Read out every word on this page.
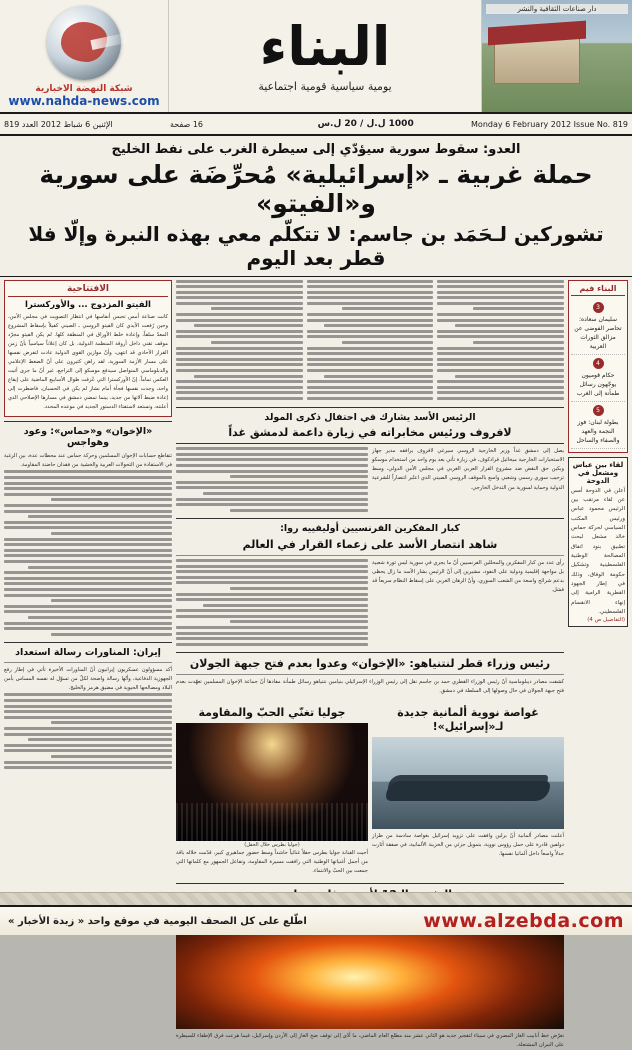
دار صناعات الثقافية والنشر
البناء
يومية سياسية قومية اجتماعية
شبكة النهضة الاخبارية
www.nahda-news.com
Monday 6 February 2012 Issue No. 819
1000 ل.ل / 20 ل.س
16 صفحة
الإثنين 6 شباط 2012 العدد 819
العدو: سقوط سورية سيؤدّي إلى سيطرة الغرب على نفط الخليج
حملة غربية ـ «إسرائيلية» مُحرِّضَة على سورية و«الفيتو»
تشوركين لـحَمَد بن جاسم: لا تتكلّم معي بهذه النبرة وإلّا فلا قطر بعد اليوم
البناء فيم
3
سليمان سعاده: تحاصر الفوضى عن مزالق الثورات العربية
4
حكام قوميون يوجّهون رسائل طمأنة إلى الغرب
5
بطولة لبنان: فوز النجمة والعهد والصفاء والساحل
لقاء بين عباس ومشعل في الدوحة
أعلن في الدوحة أمس عن لقاء مرتقب بين الرئيس محمود عباس ورئيس المكتب السياسي لحركة حماس خالد مشعل لبحث تطبيق بنود اتفاق المصالحة الوطنية الفلسطينية وتشكيل حكومة الوفاق، وذلك في إطار الجهود القطرية الرامية إلى إنهاء الانقسام الفلسطيني.
(التفاصيل ص 4)
الرئيس الأسد يشارك في احتفال ذكرى المولد
لافروف ورئيس مخابراته في زيارة داعمة لدمشق غداً
يصل إلى دمشق غداً وزير الخارجية الروسي سيرغي لافروف يرافقه مدير جهاز الاستخبارات الخارجية ميخائيل فرادكوف، في زيارة تأتي بعد يوم واحد من استخدام موسكو وبكين حق النقض ضد مشروع القرار العربي الغربي في مجلس الأمن الدولي، وسط ترحيب سوري رسمي وشعبي واسع بالموقف الروسي الصيني الذي اعتُبر انتصاراً للشرعية الدولية وحماية لسورية من التدخل الخارجي.
كبار المفكرين الفرنسيين أوليفييه روا:
شاهد انتصار الأسد على زعماء القرار في العالم
رأى عدد من كبار المفكرين والمحللين الفرنسيين أنّ ما يجري في سورية ليس ثورة شعبية بل مواجهة إقليمية ودولية على النفوذ، مشيرين إلى أنّ الرئيس بشار الأسد ما زال يحظى بدعم شرائح واسعة من الشعب السوري، وأنّ الرهان الغربي على إسقاط النظام سريعاً قد فشل.
رئيس وزراء قطر لنتنياهو: «الإخوان» وعدوا بعدم فتح جبهة الجولان
كشفت مصادر ديبلوماسية أنّ رئيس الوزراء القطري حمد بن جاسم نقل إلى رئيس الوزراء الإسرائيلي بنيامين نتنياهو رسائل طمأنة مفادها أنّ جماعة الإخوان المسلمين تعهّدت بعدم فتح جبهة الجولان في حال وصولها إلى السلطة في دمشق.
غواصة نووية ألمانية جديدة لـ«إسرائيل»!
أعلنت مصادر ألمانية أنّ برلين وافقت على تزويد إسرائيل بغواصة سادسة من طراز دولفين قادرة على حمل رؤوس نووية، بتمويل جزئي من الخزينة الألمانية، في صفقة أثارت جدلاً واسعاً داخل ألمانيا نفسها.
جوليا تغنّي الحبّ والمقاومة
(جوليا بطرس خلال الحفل)
أحيت الفنانة جوليا بطرس حفلاً غنائياً حاشداً وسط حضور جماهيري كبير، قدّمت خلاله باقة من أجمل أغنياتها الوطنية التي رافقت مسيرة المقاومة، وتفاعل الجمهور مع كلماتها التي جمعت بين الحبّ والانتماء.
تعرّض خط أنابيب الغاز المصري في سيناء لتفجير جديد هو الثاني عشر منذ مطلع العام الماضي، ما أدّى إلى توقف ضخ الغاز إلى الأردن وإسرائيل، فيما هرعت فرق الإطفاء للسيطرة على النيران المشتعلة.
الافتتاحية
الفيتو المزدوج ... والأوركسترا
كانت صناعة أمس تحبس أنفاسها في انتظار التصويت في مجلس الأمن، وحين رُفعت الأيدي كان الفيتو الروسي ـ الصيني كفيلاً بإسقاط المشروع المعدّ سلفاً، وإعادة خلط الأوراق في المنطقة كلها. لم يكن الفيتو مجرّد موقف تقني داخل أروقة المنظمة الدولية، بل كان إعلاناً سياسياً بأنّ زمن القرار الأحادي قد انتهى، وأنّ موازين القوى الدولية عادت لتفرض نفسها على مسار الأزمة السورية. لقد راهن كثيرون على أنّ الضغط الإعلامي والدبلوماسي المتواصل سيدفع موسكو إلى التراجع، غير أنّ ما جرى أثبت العكس تماماً. إنّ الأوركسترا التي عُزفت طوال الأسابيع الماضية على إيقاع واحد، وجدت نفسها فجأة أمام نشاز لم يكن في الحسبان، فاضطرت إلى إعادة ضبط آلاتها من جديد، بينما تمضي دمشق في مسارها الإصلاحي الذي أعلنته، وتستعد لاستفتاء الدستور الجديد في موعده المحدد.
«الإخوان» و«حماس»: وعود وهواجس
تتقاطع حسابات الإخوان المسلمين وحركة حماس عند محطات عدة، بين الرغبة في الاستفادة من التحولات العربية والخشية من فقدان حاضنة المقاومة.
إيران: المناورات رسالة استعداد
أكد مسؤولون عسكريون إيرانيون أنّ المناورات الأخيرة تأتي في إطار رفع الجهوزية الدفاعية، وأنّها رسالة واضحة لكلّ من تسوّل له نفسه المساس بأمن البلاد ومصالحها الحيوية في مضيق هرمز والخليج.
www.alzebda.com
اطّلع على كل الصحف اليومية في موقع واحد « زبدة الأخبار »
